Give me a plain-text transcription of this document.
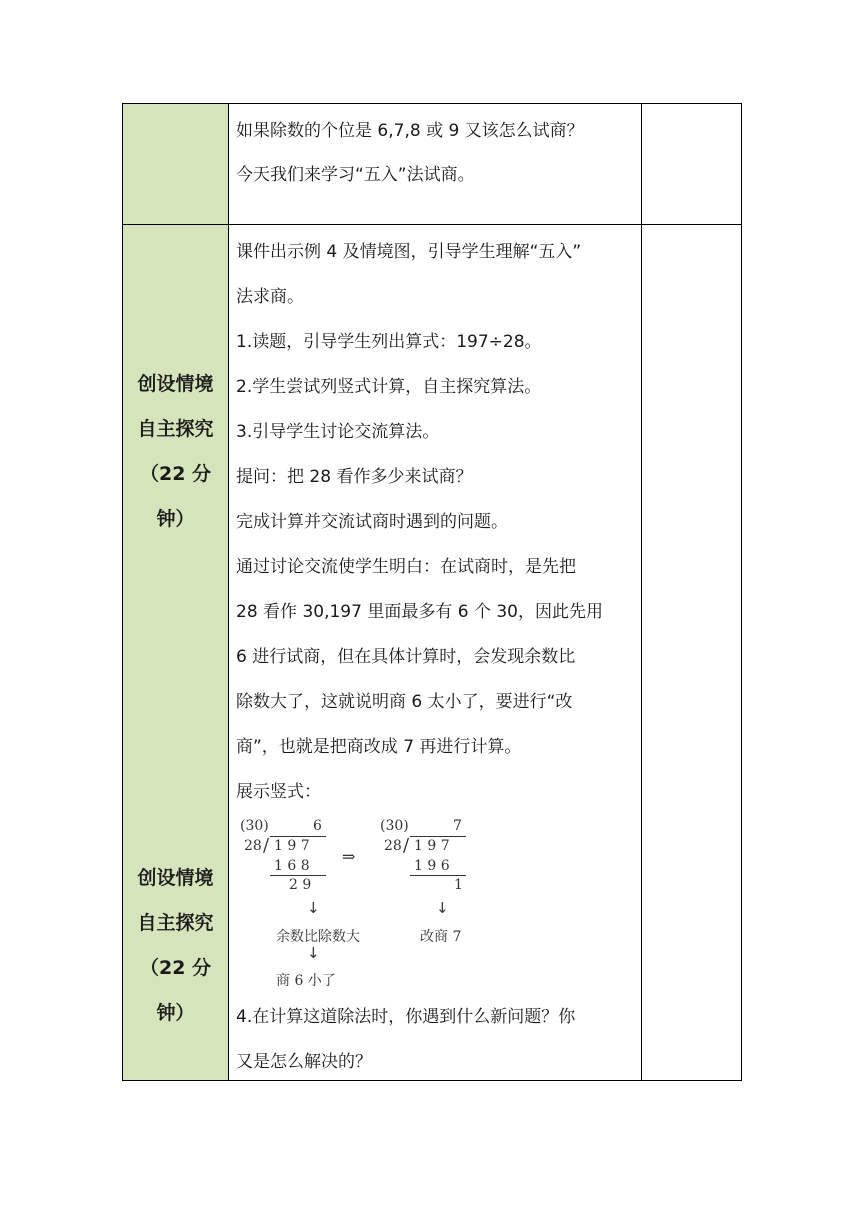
如果除数的个位是 6,7,8 或 9 又该怎么试商？
今天我们来学习“五入”法试商。
创设情境
自主探究
（22 分
钟）
创设情境
自主探究
（22 分
钟）
课件出示例 4 及情境图，引导学生理解“五入”
法求商。
1.读题，引导学生列出算式：197÷28。
2.学生尝试列竖式计算，自主探究算法。
3.引导学生讨论交流算法。
提问：把 28 看作多少来试商？
完成计算并交流试商时遇到的问题。
通过讨论交流使学生明白：在试商时，是先把
28 看作 30,197 里面最多有 6 个 30，因此先用
6 进行试商，但在具体计算时，会发现余数比
除数大了，这就说明商 6 太小了，要进行“改
商”，也就是把商改成 7 再进行计算。
展示竖式：
(30)	6
28 / 1 9 7
1 6 8
2 9
↓
余数比除数大
↓
商 6 小了
⇒
(30)	7
28 / 1 9 7
1 9 6
1
↓
改商 7
4.在计算这道除法时，你遇到什么新问题？你
又是怎么解决的？
